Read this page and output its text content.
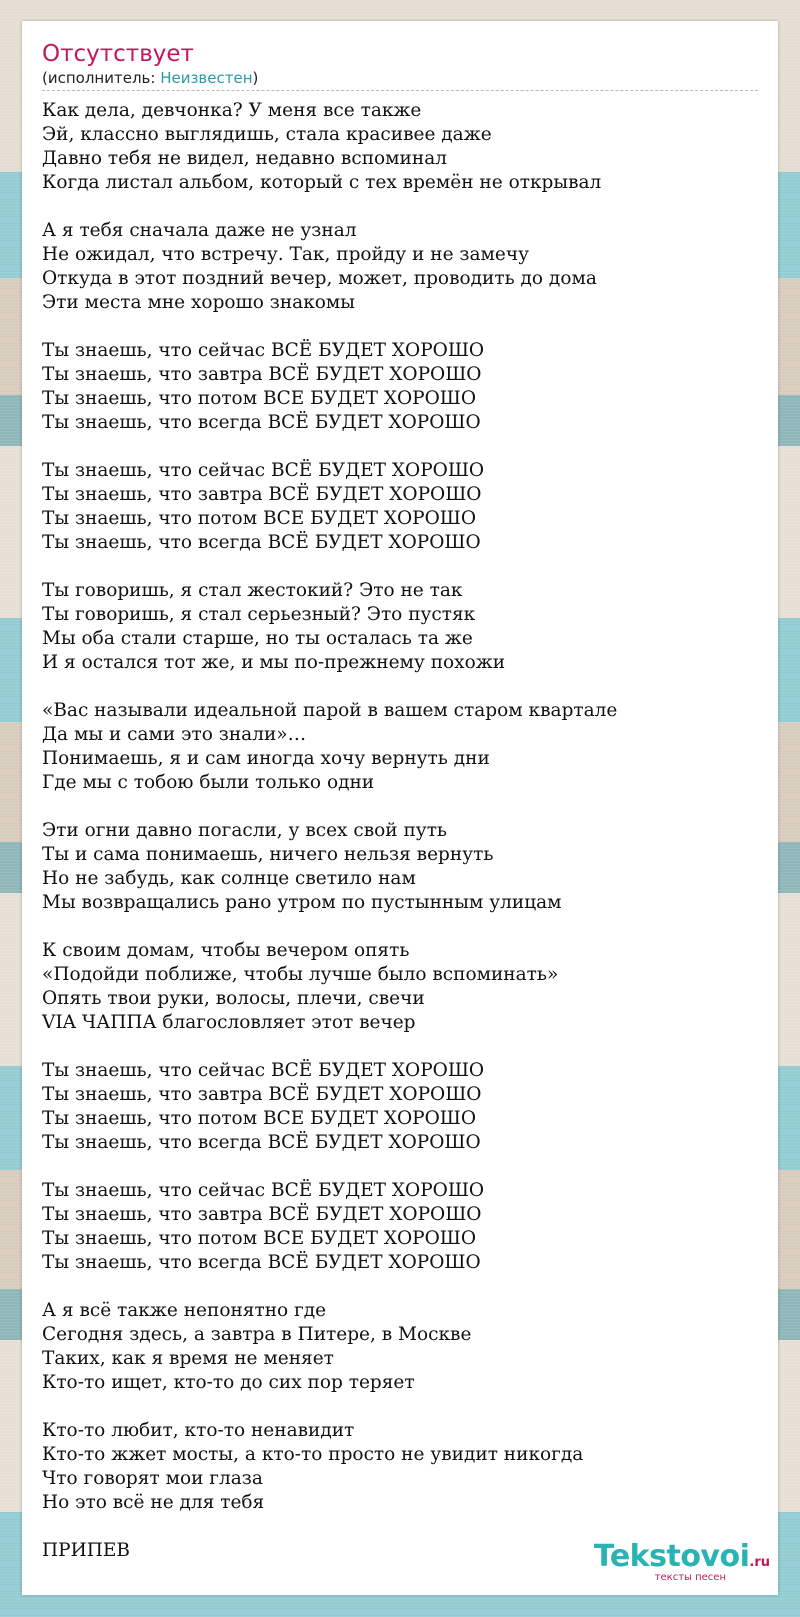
Отсутствует
(исполнитель: Неизвестен)
Как дела, девчонка? У меня все также
Эй, классно выглядишь, стала красивее даже
Давно тебя не видел, недавно вспоминал
Когда листал альбом, который с тех времён не открывал
А я тебя сначала даже не узнал
Не ожидал, что встречу. Так, пройду и не замечу
Откуда в этот поздний вечер, может, проводить до дома
Эти места мне хорошо знакомы
Ты знаешь, что сейчас ВСЁ БУДЕТ ХОРОШО
Ты знаешь, что завтра ВСЁ БУДЕТ ХОРОШО
Ты знаешь, что потом ВСЕ БУДЕТ ХОРОШО
Ты знаешь, что всегда ВСЁ БУДЕТ ХОРОШО
Ты знаешь, что сейчас ВСЁ БУДЕТ ХОРОШО
Ты знаешь, что завтра ВСЁ БУДЕТ ХОРОШО
Ты знаешь, что потом ВСЕ БУДЕТ ХОРОШО
Ты знаешь, что всегда ВСЁ БУДЕТ ХОРОШО
Ты говоришь, я стал жестокий? Это не так
Ты говоришь, я стал серьезный? Это пустяк
Мы оба стали старше, но ты осталась та же
И я остался тот же, и мы по-прежнему похожи
«Вас называли идеальной парой в вашем старом квартале
Да мы и сами это знали»…
Понимаешь, я и сам иногда хочу вернуть дни
Где мы с тобою были только одни
Эти огни давно погасли, у всех свой путь
Ты и сама понимаешь, ничего нельзя вернуть
Но не забудь, как солнце светило нам
Мы возвращались рано утром по пустынным улицам
К своим домам, чтобы вечером опять
«Подойди поближе, чтобы лучше было вспоминать»
Опять твои руки, волосы, плечи, свечи
VIA ЧАППА благословляет этот вечер
Ты знаешь, что сейчас ВСЁ БУДЕТ ХОРОШО
Ты знаешь, что завтра ВСЁ БУДЕТ ХОРОШО
Ты знаешь, что потом ВСЕ БУДЕТ ХОРОШО
Ты знаешь, что всегда ВСЁ БУДЕТ ХОРОШО
Ты знаешь, что сейчас ВСЁ БУДЕТ ХОРОШО
Ты знаешь, что завтра ВСЁ БУДЕТ ХОРОШО
Ты знаешь, что потом ВСЕ БУДЕТ ХОРОШО
Ты знаешь, что всегда ВСЁ БУДЕТ ХОРОШО
А я всё также непонятно где
Сегодня здесь, а завтра в Питере, в Москве
Таких, как я время не меняет
Кто-то ищет, кто-то до сих пор теряет
Кто-то любит, кто-то ненавидит
Кто-то жжет мосты, а кто-то просто не увидит никогда
Что говорят мои глаза
Но это всё не для тебя
ПРИПЕВ	Tekstovoi.ru
тексты песен
